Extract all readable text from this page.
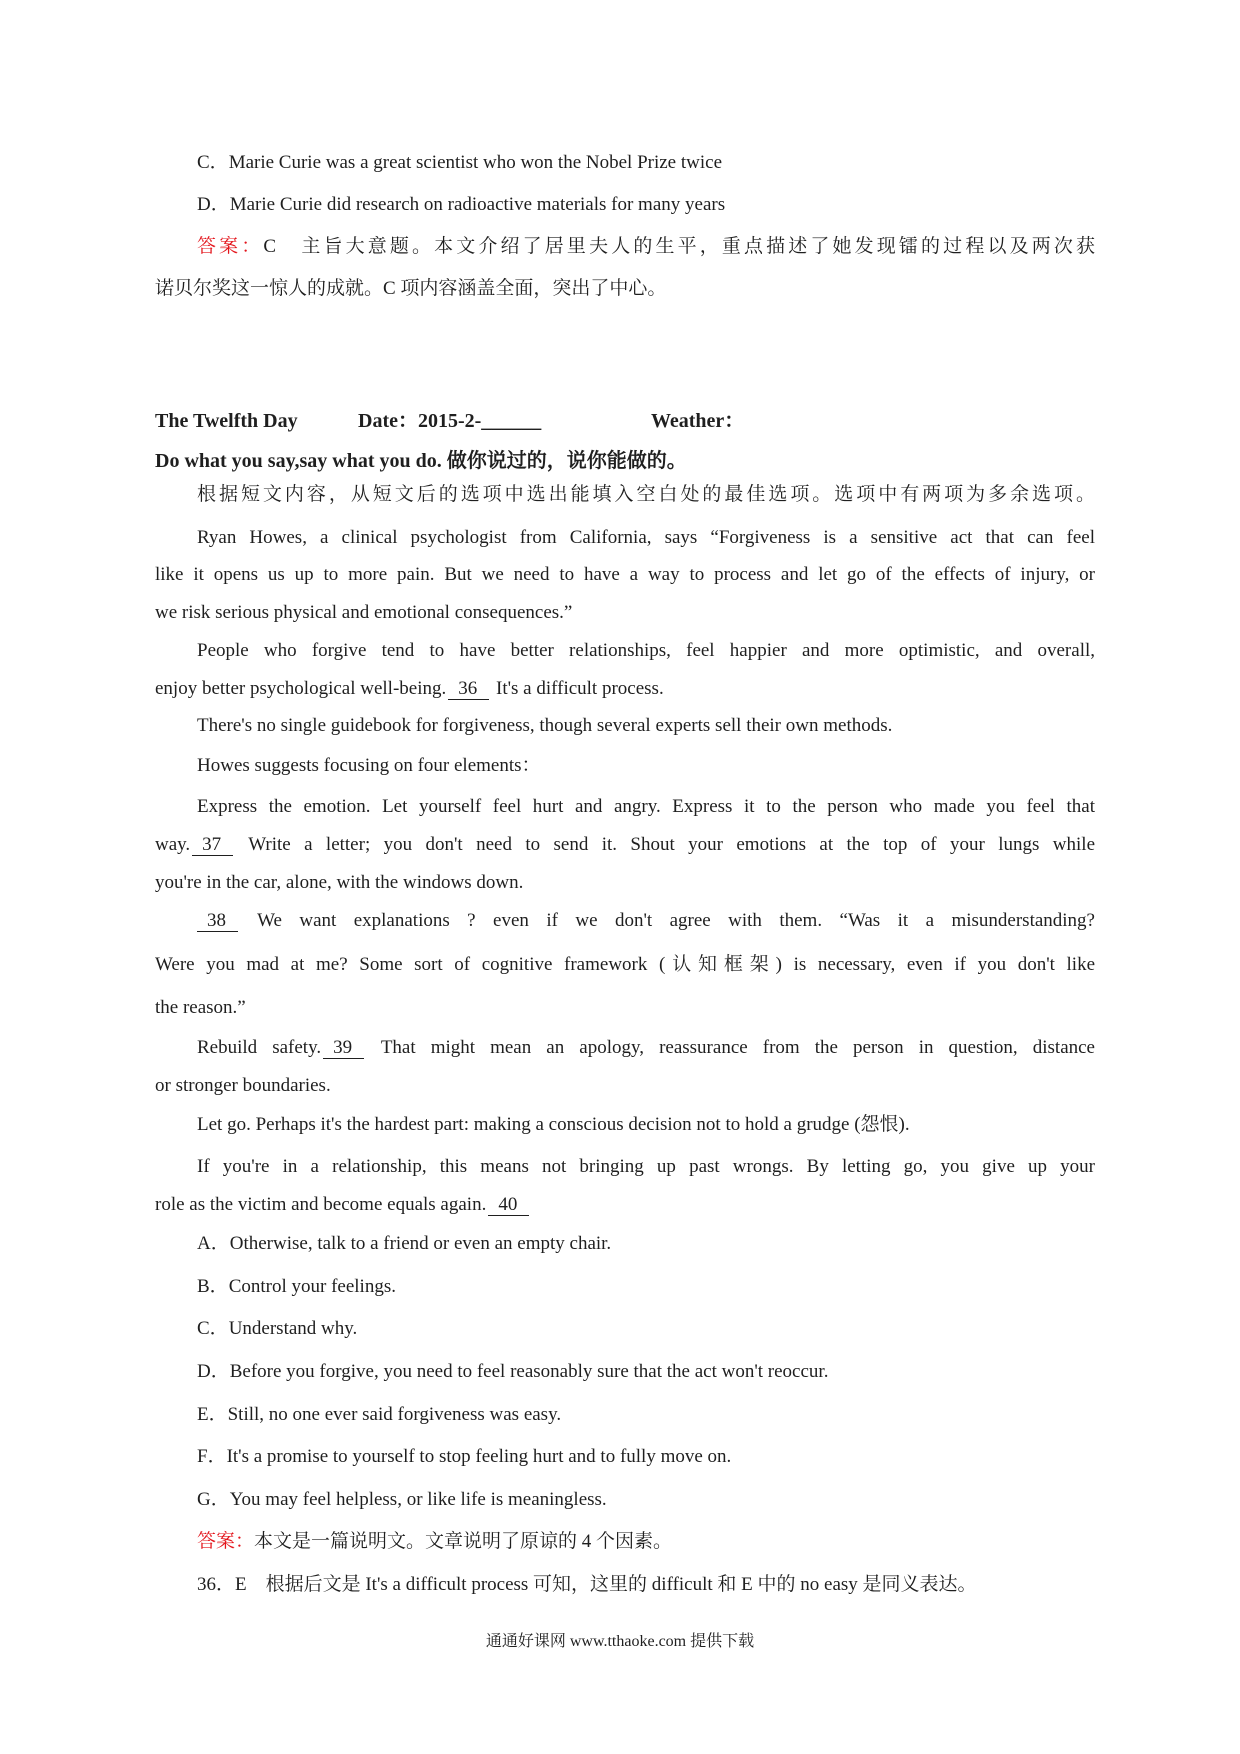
C．Marie Curie was a great scientist who won the Nobel Prize twice
D．Marie Curie did research on radioactive materials for many years
答案：C　主旨大意题。本文介绍了居里夫人的生平，重点描述了她发现镭的过程以及两次获
诺贝尔奖这一惊人的成就。C 项内容涵盖全面，突出了中心。
The Twelfth Day	Date：2015-2-______	Weather：
Do what you say,say what you do. 做你说过的，说你能做的。
根据短文内容，从短文后的选项中选出能填入空白处的最佳选项。选项中有两项为多余选项。
Ryan Howes, a clinical psychologist from California, says “Forgiveness is a sensitive act that can feel
like it opens us up to more pain. But we need to have a way to process and let go of the effects of injury, or
we risk serious physical and emotional consequences.”
People who forgive tend to have better relationships, feel happier and more optimistic, and overall,
enjoy better psychological well-being. 36 It's a difficult process.
There's no single guidebook for forgiveness, though several experts sell their own methods.
Howes suggests focusing on four elements：
Express the emotion. Let yourself feel hurt and angry. Express it to the person who made you feel that
way. 37 Write a letter; you don't need to send it. Shout your emotions at the top of your lungs while
you're in the car, alone, with the windows down.
38 We want explanations ? even if we don't agree with them. “Was it a misunderstanding?
Were you mad at me? Some sort of cognitive framework (认知框架) is necessary, even if you don't like
the reason.”
Rebuild safety. 39 That might mean an apology, reassurance from the person in question, distance
or stronger boundaries.
Let go. Perhaps it's the hardest part: making a conscious decision not to hold a grudge (怨恨).
If you're in a relationship, this means not bringing up past wrongs. By letting go, you give up your
role as the victim and become equals again. 40
A．Otherwise, talk to a friend or even an empty chair.
B．Control your feelings.
C．Understand why.
D．Before you forgive, you need to feel reasonably sure that the act won't reoccur.
E．Still, no one ever said forgiveness was easy.
F．It's a promise to yourself to stop feeling hurt and to fully move on.
G．You may feel helpless, or like life is meaningless.
答案：本文是一篇说明文。文章说明了原谅的 4 个因素。
36．E　根据后文是 It's a difficult process 可知，这里的 difficult 和 E 中的 no easy 是同义表达。
通通好课网 www.tthaoke.com 提供下载
